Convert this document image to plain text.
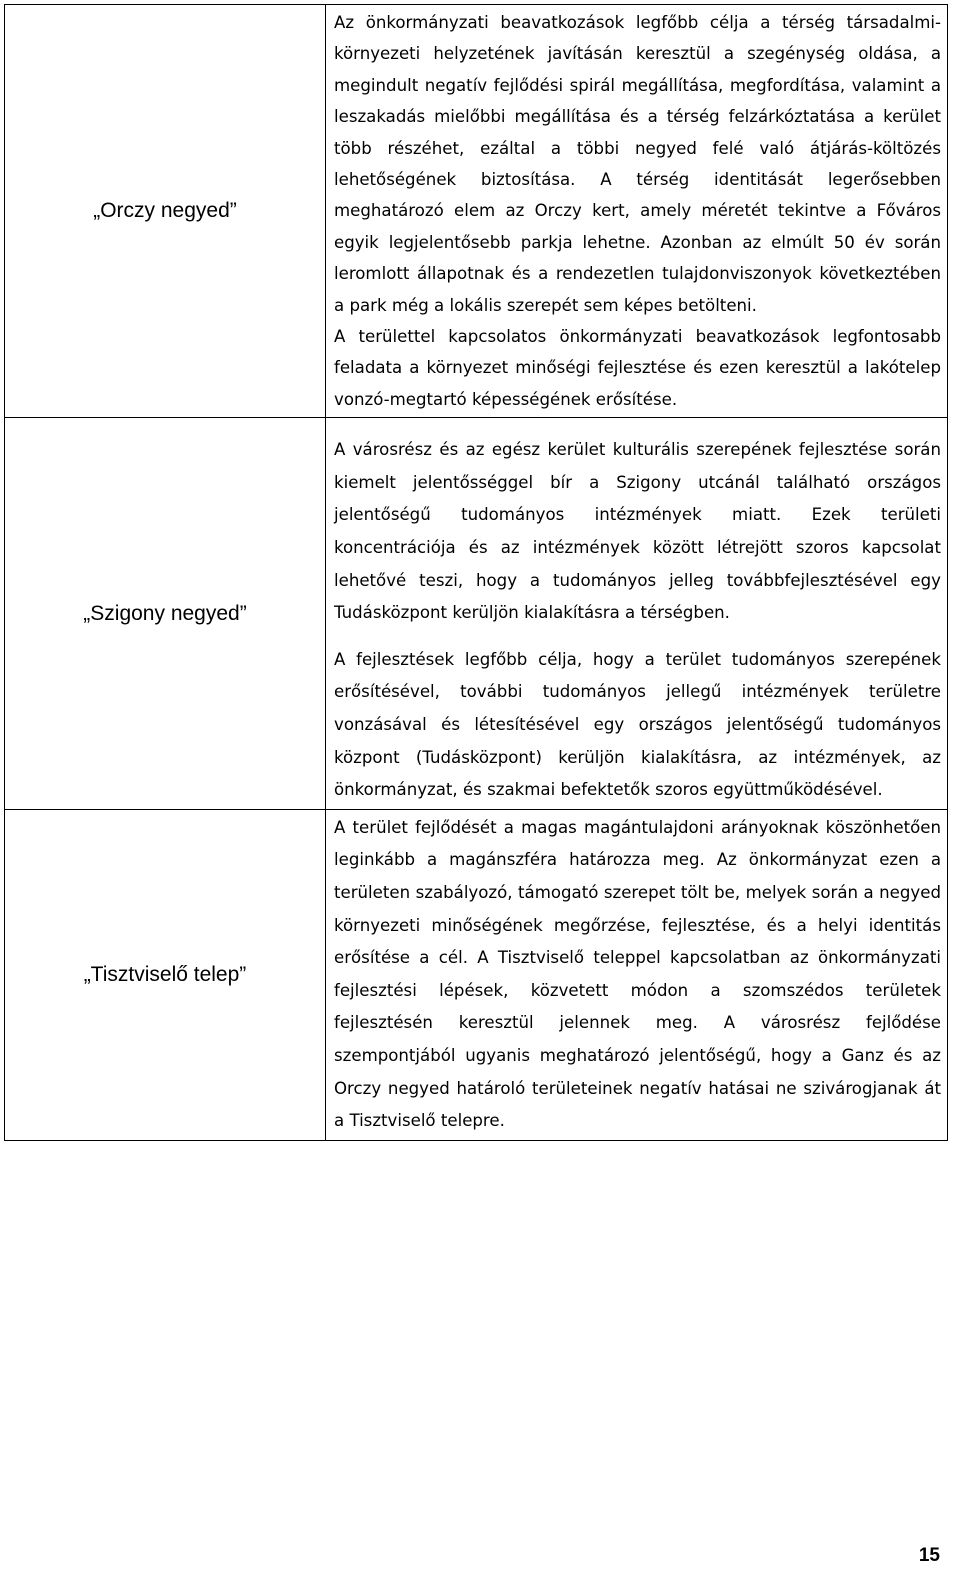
„Orczy negyed”	Az önkormányzati beavatkozások legfőbb célja a térség társadalmi-környezeti helyzetének javításán keresztül a szegénység oldása, a megindult negatív fejlődési spirál megállítása, megfordítása, valamint a leszakadás mielőbbi megállítása és a térség felzárkóztatása a kerület több részéhet, ezáltal a többi negyed felé való átjárás-költözés lehetőségének biztosítása. A térség identitását legerősebben meghatározó elem az Orczy kert, amely méretét tekintve a Főváros egyik legjelentősebb parkja lehetne. Azonban az elmúlt 50 év során leromlott állapotnak és a rendezetlen tulajdonviszonyok következtében a park még a lokális szerepét sem képes betölteni.

A területtel kapcsolatos önkormányzati beavatkozások legfontosabb feladata a környezet minőségi fejlesztése és ezen keresztül a lakótelep vonzó-megtartó képességének erősítése.

„Szigony negyed”	A városrész és az egész kerület kulturális szerepének fejlesztése során kiemelt jelentősséggel bír a Szigony utcánál található országos jelentőségű tudományos intézmények miatt. Ezek területi koncentrációja és az intézmények között létrejött szoros kapcsolat lehetővé teszi, hogy a tudományos jelleg továbbfejlesztésével egy Tudásközpont kerüljön kialakításra a térségben.

A fejlesztések legfőbb célja, hogy a terület tudományos szerepének erősítésével, további tudományos jellegű intézmények területre vonzásával és létesítésével egy országos jelentőségű tudományos központ (Tudásközpont) kerüljön kialakításra, az intézmények, az önkormányzat, és szakmai befektetők szoros együttműködésével.

„Tisztviselő telep”	A terület fejlődését a magas magántulajdoni arányoknak köszönhetően leginkább a magánszféra határozza meg. Az önkormányzat ezen a területen szabályozó, támogató szerepet tölt be, melyek során a negyed környezeti minőségének megőrzése, fejlesztése, és a helyi identitás erősítése a cél. A Tisztviselő teleppel kapcsolatban az önkormányzati fejlesztési lépések, közvetett módon a szomszédos területek fejlesztésén keresztül jelennek meg. A városrész fejlődése szempontjából ugyanis meghatározó jelentőségű, hogy a Ganz és az Orczy negyed határoló területeinek negatív hatásai ne szivárogjanak át a Tisztviselő telepre.

15
